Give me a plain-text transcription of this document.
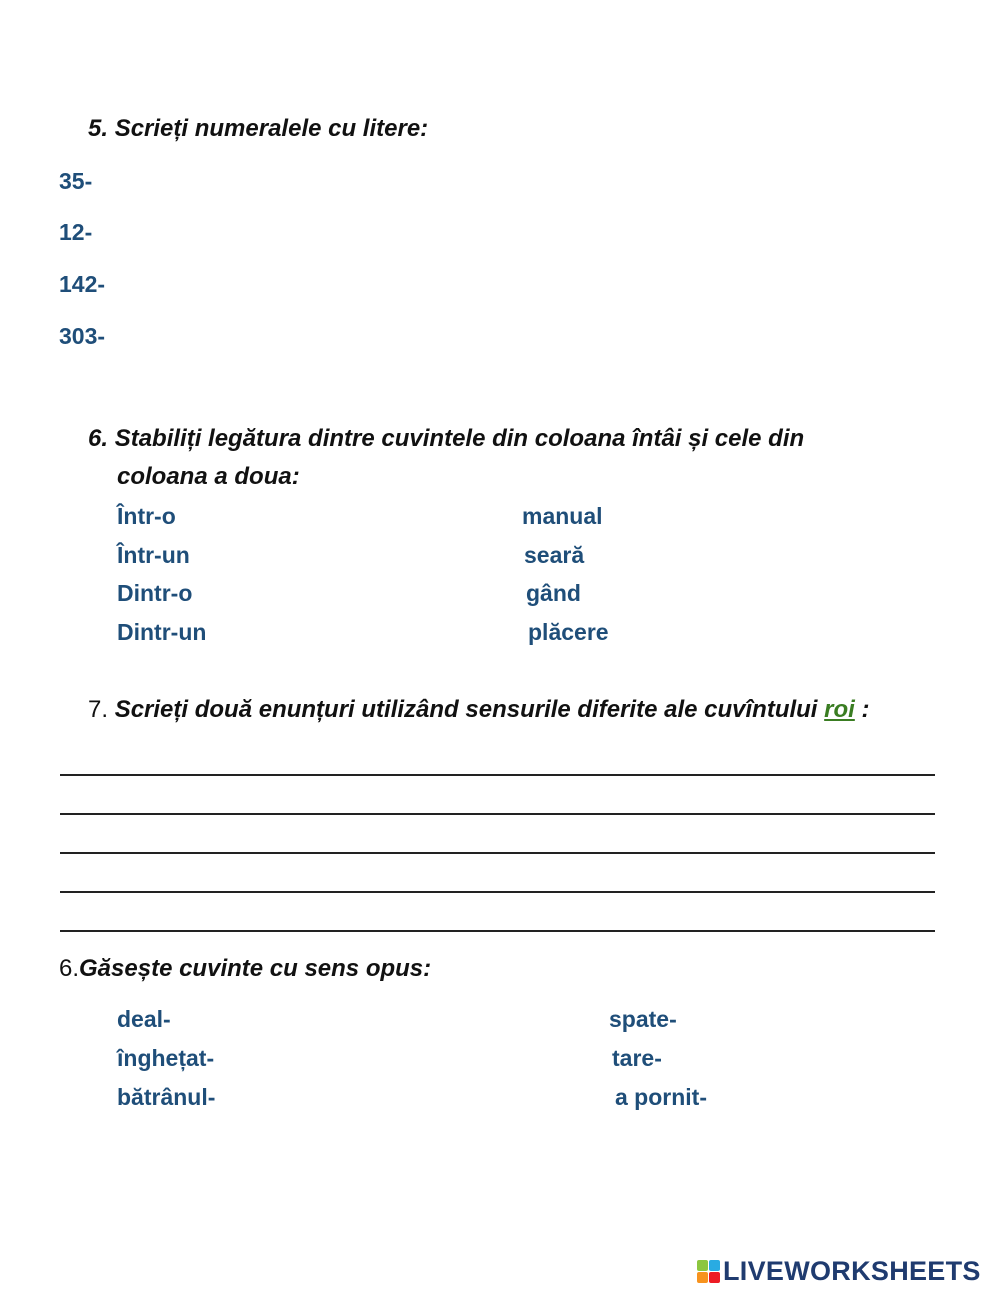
5. Scrieți numeralele cu litere:
35-
12-
142-
303-
6. Stabiliți legătura dintre cuvintele din coloana întâi și cele din
coloana a doua:
Într-o
Într-un
Dintr-o
Dintr-un
manual
seară
gând
plăcere
7. Scrieți două enunțuri utilizând sensurile diferite ale cuvîntului roi :
6.Găsește cuvinte cu sens opus:
deal-
înghețat-
bătrânul-
spate-
tare-
a pornit-
LIVEWORKSHEETS
